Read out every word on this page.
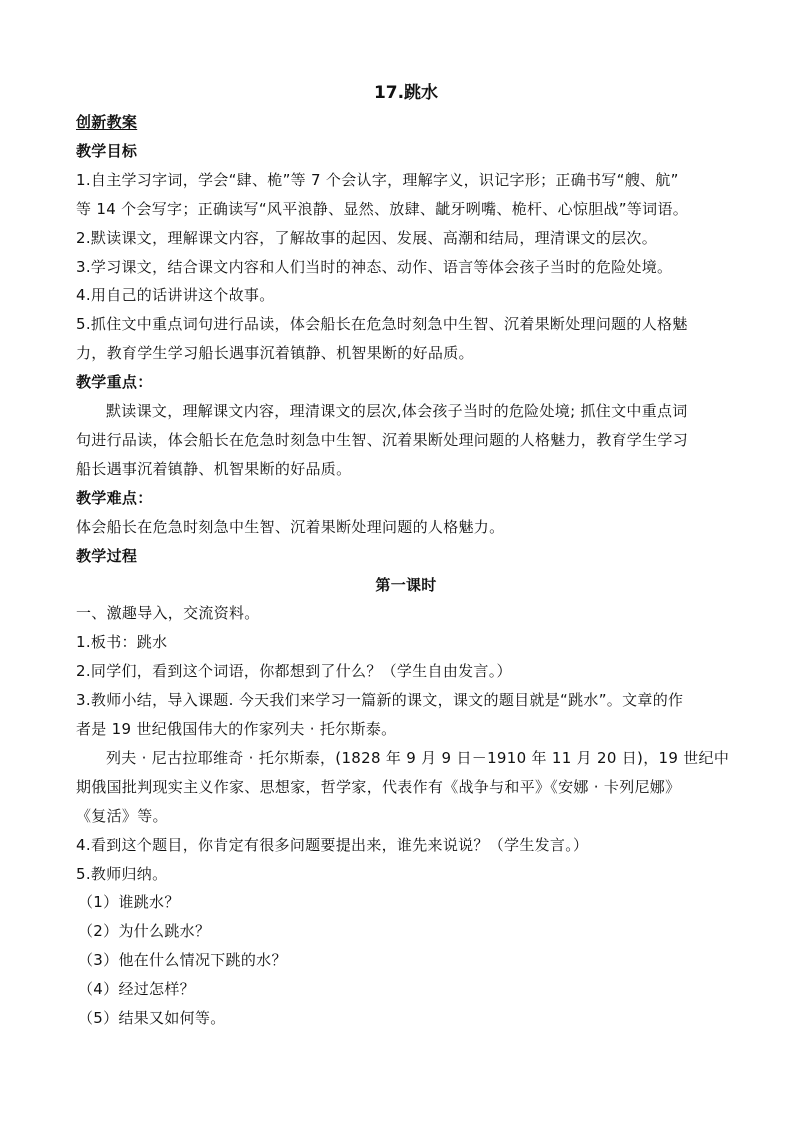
17.跳水
创新教案
教学目标
1.自主学习字词，学会“肆、桅”等 7 个会认字，理解字义，识记字形；正确书写“艘、航”
等 14 个会写字；正确读写“风平浪静、显然、放肆、龇牙咧嘴、桅杆、心惊胆战”等词语。
2.默读课文，理解课文内容，了解故事的起因、发展、高潮和结局，理清课文的层次。
3.学习课文，结合课文内容和人们当时的神态、动作、语言等体会孩子当时的危险处境。
4.用自己的话讲讲这个故事。
5.抓住文中重点词句进行品读，体会船长在危急时刻急中生智、沉着果断处理问题的人格魅
力，教育学生学习船长遇事沉着镇静、机智果断的好品质。
教学重点：
默读课文，理解课文内容，理清课文的层次,体会孩子当时的危险处境; 抓住文中重点词
句进行品读，体会船长在危急时刻急中生智、沉着果断处理问题的人格魅力，教育学生学习
船长遇事沉着镇静、机智果断的好品质。
教学难点：
体会船长在危急时刻急中生智、沉着果断处理问题的人格魅力。
教学过程
第一课时
一、激趣导入，交流资料。
1.板书：跳水
2.同学们，看到这个词语，你都想到了什么？（学生自由发言。）
3.教师小结，导入课题. 今天我们来学习一篇新的课文，课文的题目就是“跳水”。文章的作
者是 19 世纪俄国伟大的作家列夫 · 托尔斯泰。
列夫 · 尼古拉耶维奇 · 托尔斯泰，(1828 年 9 月 9 日－1910 年 11 月 20 日)，19 世纪中
期俄国批判现实主义作家、思想家，哲学家，代表作有《战争与和平》《安娜 · 卡列尼娜》
《复活》等。
4.看到这个题目，你肯定有很多问题要提出来，谁先来说说？（学生发言。）
5.教师归纳。
（1）谁跳水？
（2）为什么跳水？
（3）他在什么情况下跳的水？
（4）经过怎样？
（5）结果又如何等。
